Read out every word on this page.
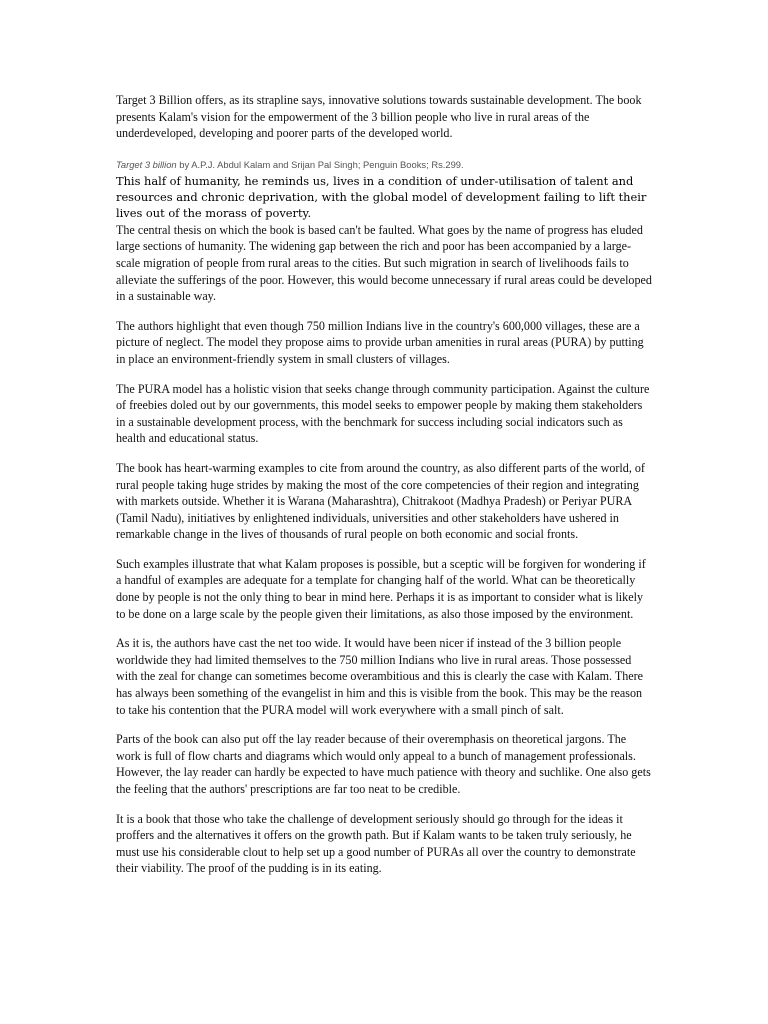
Target 3 Billion offers, as its strapline says, innovative solutions towards sustainable development. The book presents Kalam's vision for the empowerment of the 3 billion people who live in rural areas of the underdeveloped, developing and poorer parts of the developed world.

Target 3 billion by A.P.J. Abdul Kalam and Srijan Pal Singh; Penguin Books; Rs.299.

This half of humanity, he reminds us, lives in a condition of under-utilisation of talent and resources and chronic deprivation, with the global model of development failing to lift their lives out of the morass of poverty.

The central thesis on which the book is based can't be faulted. What goes by the name of progress has eluded large sections of humanity. The widening gap between the rich and poor has been accompanied by a large-scale migration of people from rural areas to the cities. But such migration in search of livelihoods fails to alleviate the sufferings of the poor. However, this would become unnecessary if rural areas could be developed in a sustainable way.

The authors highlight that even though 750 million Indians live in the country's 600,000 villages, these are a picture of neglect. The model they propose aims to provide urban amenities in rural areas (PURA) by putting in place an environment-friendly system in small clusters of villages.

The PURA model has a holistic vision that seeks change through community participation. Against the culture of freebies doled out by our governments, this model seeks to empower people by making them stakeholders in a sustainable development process, with the benchmark for success including social indicators such as health and educational status.

The book has heart-warming examples to cite from around the country, as also different parts of the world, of rural people taking huge strides by making the most of the core competencies of their region and integrating with markets outside. Whether it is Warana (Maharashtra), Chitrakoot (Madhya Pradesh) or Periyar PURA (Tamil Nadu), initiatives by enlightened individuals, universities and other stakeholders have ushered in remarkable change in the lives of thousands of rural people on both economic and social fronts.

Such examples illustrate that what Kalam proposes is possible, but a sceptic will be forgiven for wondering if a handful of examples are adequate for a template for changing half of the world. What can be theoretically done by people is not the only thing to bear in mind here. Perhaps it is as important to consider what is likely to be done on a large scale by the people given their limitations, as also those imposed by the environment.

As it is, the authors have cast the net too wide. It would have been nicer if instead of the 3 billion people worldwide they had limited themselves to the 750 million Indians who live in rural areas. Those possessed with the zeal for change can sometimes become overambitious and this is clearly the case with Kalam. There has always been something of the evangelist in him and this is visible from the book. This may be the reason to take his contention that the PURA model will work everywhere with a small pinch of salt.

Parts of the book can also put off the lay reader because of their overemphasis on theoretical jargons. The work is full of flow charts and diagrams which would only appeal to a bunch of management professionals. However, the lay reader can hardly be expected to have much patience with theory and suchlike. One also gets the feeling that the authors' prescriptions are far too neat to be credible.

It is a book that those who take the challenge of development seriously should go through for the ideas it proffers and the alternatives it offers on the growth path. But if Kalam wants to be taken truly seriously, he must use his considerable clout to help set up a good number of PURAs all over the country to demonstrate their viability. The proof of the pudding is in its eating.
